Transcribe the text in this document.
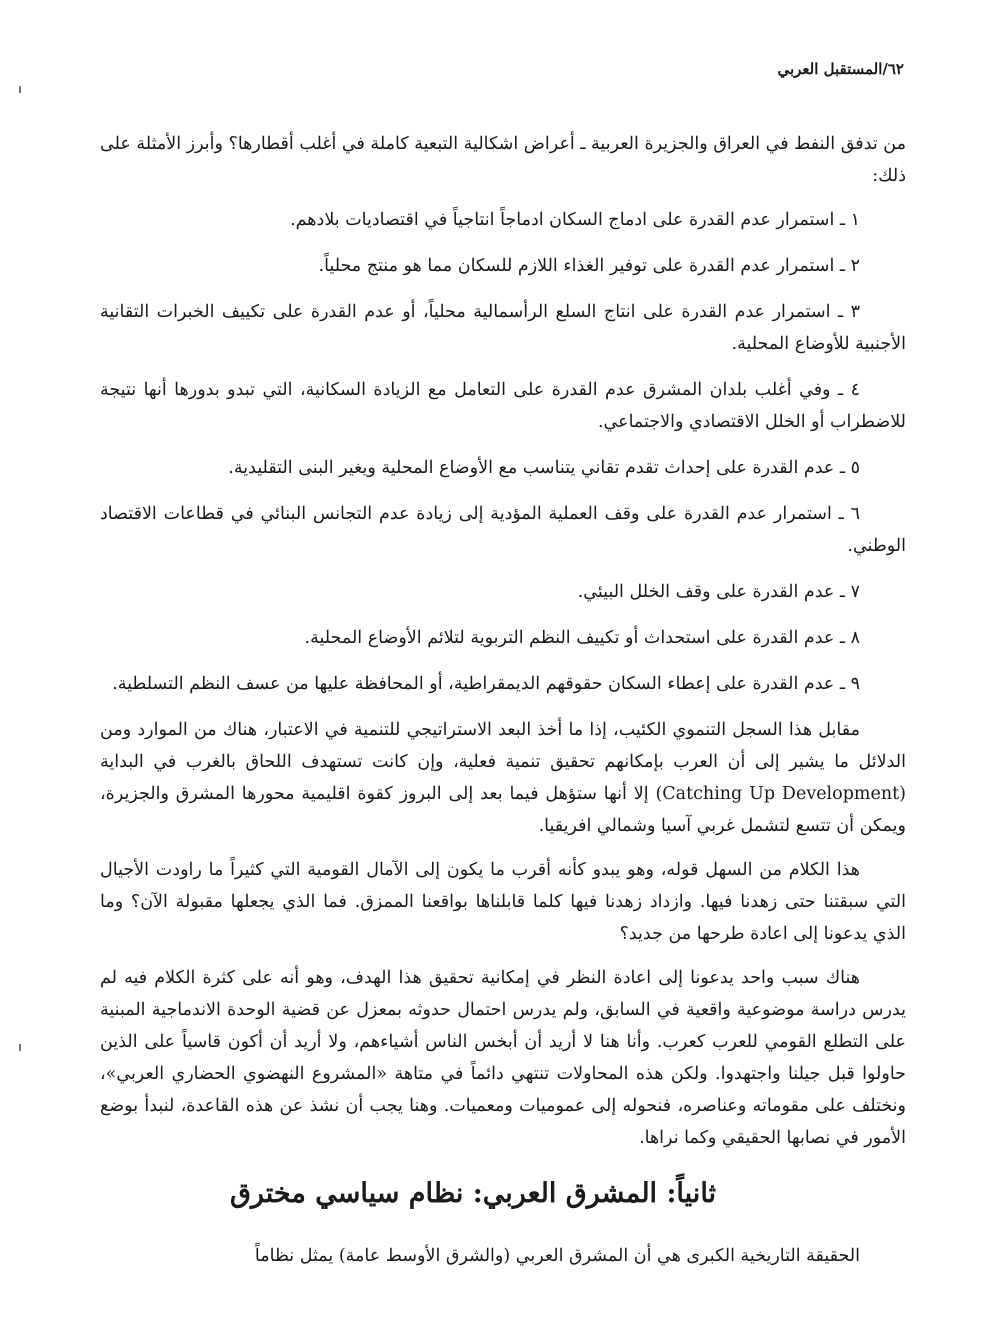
٦٢/المستقبل العربي

من تدفق النفط في العراق والجزيرة العربية ـ أعراض اشكالية التبعية كاملة في أغلب أقطارها؟ وأبرز الأمثلة على ذلك:

١ ـ استمرار عدم القدرة على ادماج السكان ادماجاً انتاجياً في اقتصاديات بلادهم.

٢ ـ استمرار عدم القدرة على توفير الغذاء اللازم للسكان مما هو منتج محلياً.

٣ ـ استمرار عدم القدرة على انتاج السلع الرأسمالية محلياً، أو عدم القدرة على تكييف الخبرات التقانية الأجنبية للأوضاع المحلية.

٤ ـ وفي أغلب بلدان المشرق عدم القدرة على التعامل مع الزيادة السكانية، التي تبدو بدورها أنها نتيجة للاضطراب أو الخلل الاقتصادي والاجتماعي.

٥ ـ عدم القدرة على إحداث تقدم تقاني يتناسب مع الأوضاع المحلية ويغير البنى التقليدية.

٦ ـ استمرار عدم القدرة على وقف العملية المؤدية إلى زيادة عدم التجانس البنائي في قطاعات الاقتصاد الوطني.

٧ ـ عدم القدرة على وقف الخلل البيئي.

٨ ـ عدم القدرة على استحداث أو تكييف النظم التربوية لتلائم الأوضاع المحلية.

٩ ـ عدم القدرة على إعطاء السكان حقوقهم الديمقراطية، أو المحافظة عليها من عسف النظم التسلطية.

مقابل هذا السجل التنموي الكئيب، إذا ما أخذ البعد الاستراتيجي للتنمية في الاعتبار، هناك من الموارد ومن الدلائل ما يشير إلى أن العرب بإمكانهم تحقيق تنمية فعلية، وإن كانت تستهدف اللحاق بالغرب في البداية (Catching Up Development) إلا أنها ستؤهل فيما بعد إلى البروز كقوة اقليمية محورها المشرق والجزيرة، ويمكن أن تتسع لتشمل غربي آسيا وشمالي افريقيا.

هذا الكلام من السهل قوله، وهو يبدو كأنه أقرب ما يكون إلى الآمال القومية التي كثيراً ما راودت الأجيال التي سبقتنا حتى زهدنا فيها. وازداد زهدنا فيها كلما قابلناها بواقعنا الممزق. فما الذي يجعلها مقبولة الآن؟ وما الذي يدعونا إلى اعادة طرحها من جديد؟

هناك سبب واحد يدعونا إلى اعادة النظر في إمكانية تحقيق هذا الهدف، وهو أنه على كثرة الكلام فيه لم يدرس دراسة موضوعية واقعية في السابق، ولم يدرس احتمال حدوثه بمعزل عن قضية الوحدة الاندماجية المبنية على التطلع القومي للعرب كعرب. وأنا هنا لا أريد أن أبخس الناس أشياءهم، ولا أريد أن أكون قاسياً على الذين حاولوا قبل جيلنا واجتهدوا. ولكن هذه المحاولات تنتهي دائماً في متاهة «المشروع النهضوي الحضاري العربي»، ونختلف على مقوماته وعناصره، فنحوله إلى عموميات ومعميات. وهنا يجب أن نشذ عن هذه القاعدة، لنبدأ بوضع الأمور في نصابها الحقيقي وكما نراها.

ثانياً: المشرق العربي: نظام سياسي مخترق

الحقيقة التاريخية الكبرى هي أن المشرق العربي (والشرق الأوسط عامة) يمثل نظاماً
